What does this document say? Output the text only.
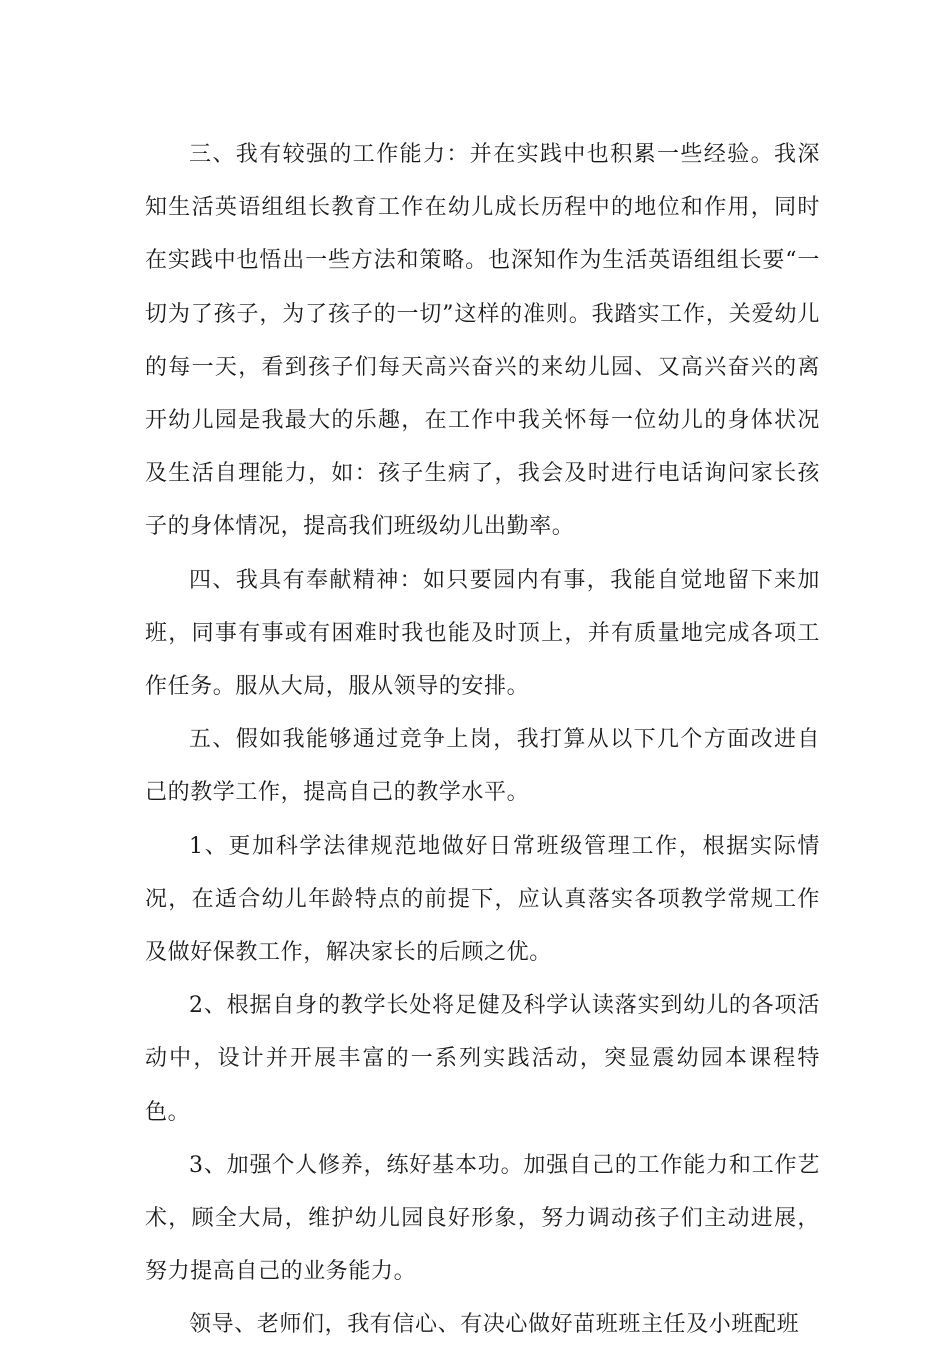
三、我有较强的工作能力：并在实践中也积累一些经验。我深知生活英语组组长教育工作在幼儿成长历程中的地位和作用，同时在实践中也悟出一些方法和策略。也深知作为生活英语组组长要“一切为了孩子，为了孩子的一切”这样的准则。我踏实工作，关爱幼儿的每一天，看到孩子们每天高兴奋兴的来幼儿园、又高兴奋兴的离开幼儿园是我最大的乐趣，在工作中我关怀每一位幼儿的身体状况及生活自理能力，如：孩子生病了，我会及时进行电话询问家长孩子的身体情况，提高我们班级幼儿出勤率。

四、我具有奉献精神：如只要园内有事，我能自觉地留下来加班，同事有事或有困难时我也能及时顶上，并有质量地完成各项工作任务。服从大局，服从领导的安排。

五、假如我能够通过竞争上岗，我打算从以下几个方面改进自己的教学工作，提高自己的教学水平。

1、更加科学法律规范地做好日常班级管理工作，根据实际情况，在适合幼儿年龄特点的前提下，应认真落实各项教学常规工作及做好保教工作，解决家长的后顾之优。

2、根据自身的教学长处将足健及科学认读落实到幼儿的各项活动中，设计并开展丰富的一系列实践活动，突显震幼园本课程特色。

3、加强个人修养，练好基本功。加强自己的工作能力和工作艺术，顾全大局，维护幼儿园良好形象，努力调动孩子们主动进展，努力提高自己的业务能力。

领导、老师们，我有信心、有决心做好苗班班主任及小班配班
